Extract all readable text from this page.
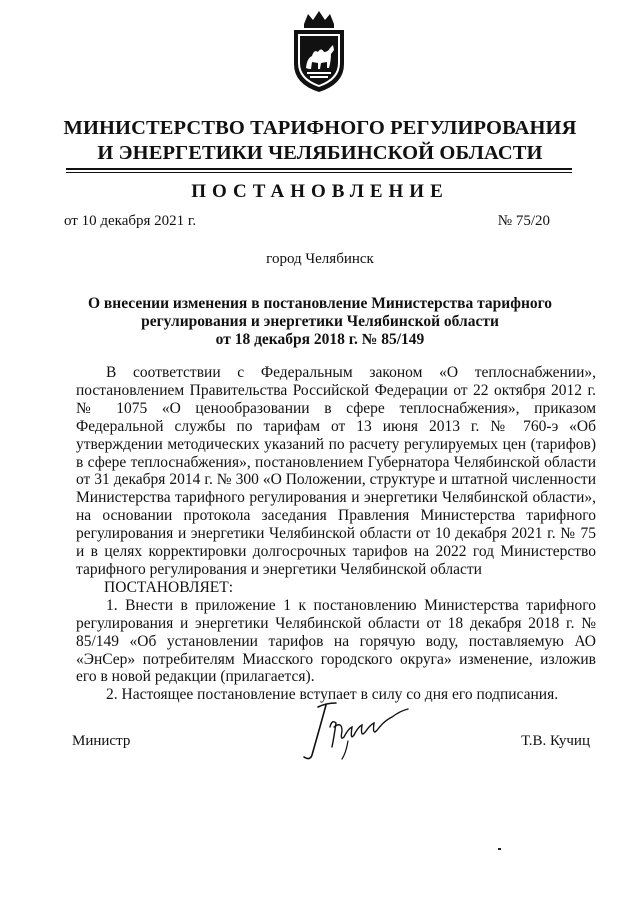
МИНИСТЕРСТВО ТАРИФНОГО РЕГУЛИРОВАНИЯ
И ЭНЕРГЕТИКИ ЧЕЛЯБИНСКОЙ ОБЛАСТИ
ПОСТАНОВЛЕНИЕ
от 10 декабря 2021 г.	№ 75/20
город Челябинск
О внесении изменения в постановление Министерства тарифного
регулирования и энергетики Челябинской области
от 18 декабря 2018 г. № 85/149

В соответствии с Федеральным законом «О теплоснабжении», постановлением Правительства Российской Федерации от 22 октября 2012 г. № 1075 «О ценообразовании в сфере теплоснабжения», приказом Федеральной службы по тарифам от 13 июня 2013 г. № 760-э «Об утверждении методических указаний по расчету регулируемых цен (тарифов) в сфере теплоснабжения», постановлением Губернатора Челябинской области от 31 декабря 2014 г. № 300 «О Положении, структуре и штатной численности Министерства тарифного регулирования и энергетики Челябинской области», на основании протокола заседания Правления Министерства тарифного регулирования и энергетики Челябинской области от 10 декабря 2021 г. № 75 и в целях корректировки долгосрочных тарифов на 2022 год Министерство тарифного регулирования и энергетики Челябинской области

ПОСТАНОВЛЯЕТ:

1. Внести в приложение 1 к постановлению Министерства тарифного регулирования и энергетики Челябинской области от 18 декабря 2018 г. № 85/149 «Об установлении тарифов на горячую воду, поставляемую АО «ЭнСер» потребителям Миасского городского округа» изменение, изложив его в новой редакции (прилагается).

2. Настоящее постановление вступает в силу со дня его подписания.

Министр	Т.В. Кучиц
